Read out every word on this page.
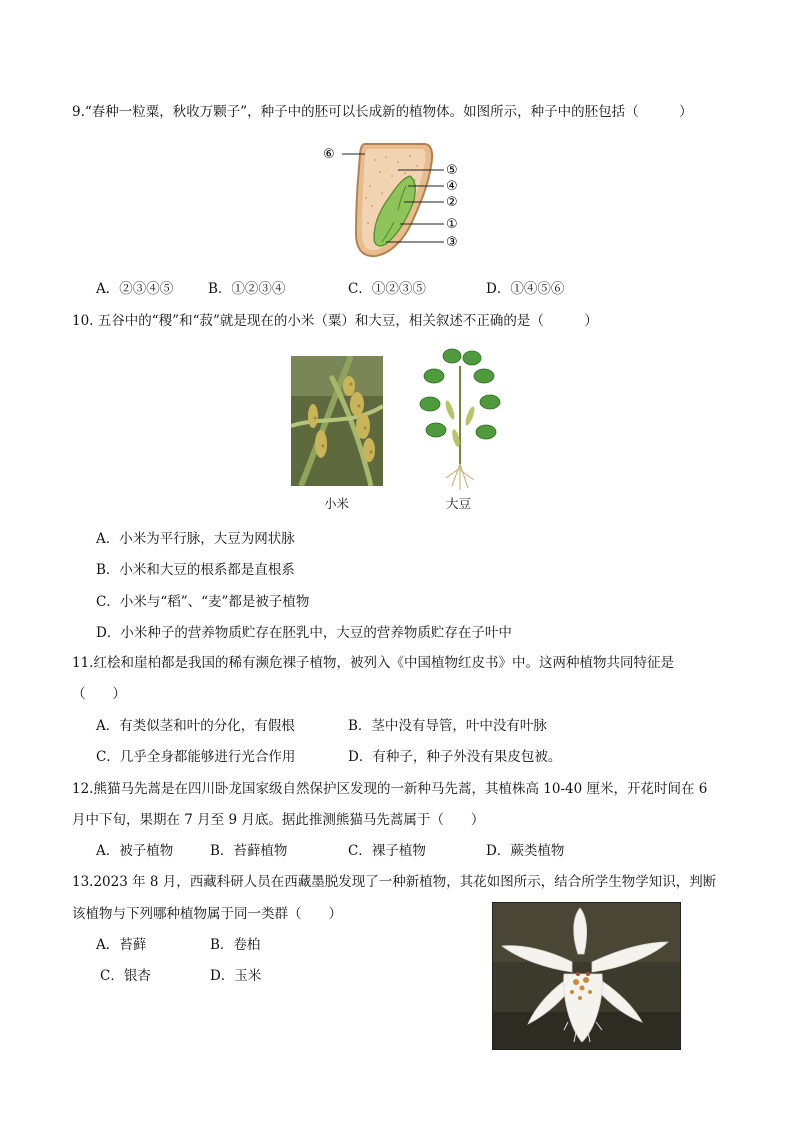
9.“春种一粒粟，秋收万颗子”，种子中的胚可以长成新的植物体。如图所示，种子中的胚包括（　　　）
⑥
⑤
④
②
①
③
A．②③④⑤	B．①②③④	C．①②③⑤	D．①④⑤⑥
10. 五谷中的“稷”和“菽”就是现在的小米（粟）和大豆，相关叙述不正确的是（　　　）
小米	大豆
A．小米为平行脉，大豆为网状脉
B．小米和大豆的根系都是直根系
C．小米与“稻”、“麦”都是被子植物
D．小米种子的营养物质贮存在胚乳中，大豆的营养物质贮存在子叶中
11.红桧和崖柏都是我国的稀有濒危裸子植物，被列入《中国植物红皮书》中。这两种植物共同特征是
（　　）
A．有类似茎和叶的分化，有假根	B．茎中没有导管，叶中没有叶脉
C．几乎全身都能够进行光合作用	D．有种子，种子外没有果皮包被。
12.熊猫马先蒿是在四川卧龙国家级自然保护区发现的一新种马先蒿，其植株高 10-40 厘米，开花时间在 6
月中下旬，果期在 7 月至 9 月底。据此推测熊猫马先蒿属于（　　）
A．被子植物	B．苔藓植物	C．裸子植物	D．蕨类植物
13.2023 年 8 月，西藏科研人员在西藏墨脱发现了一种新植物，其花如图所示，结合所学生物学知识，判断
该植物与下列哪种植物属于同一类群（　　）
A．苔藓	B．卷柏
C．银杏	D．玉米
